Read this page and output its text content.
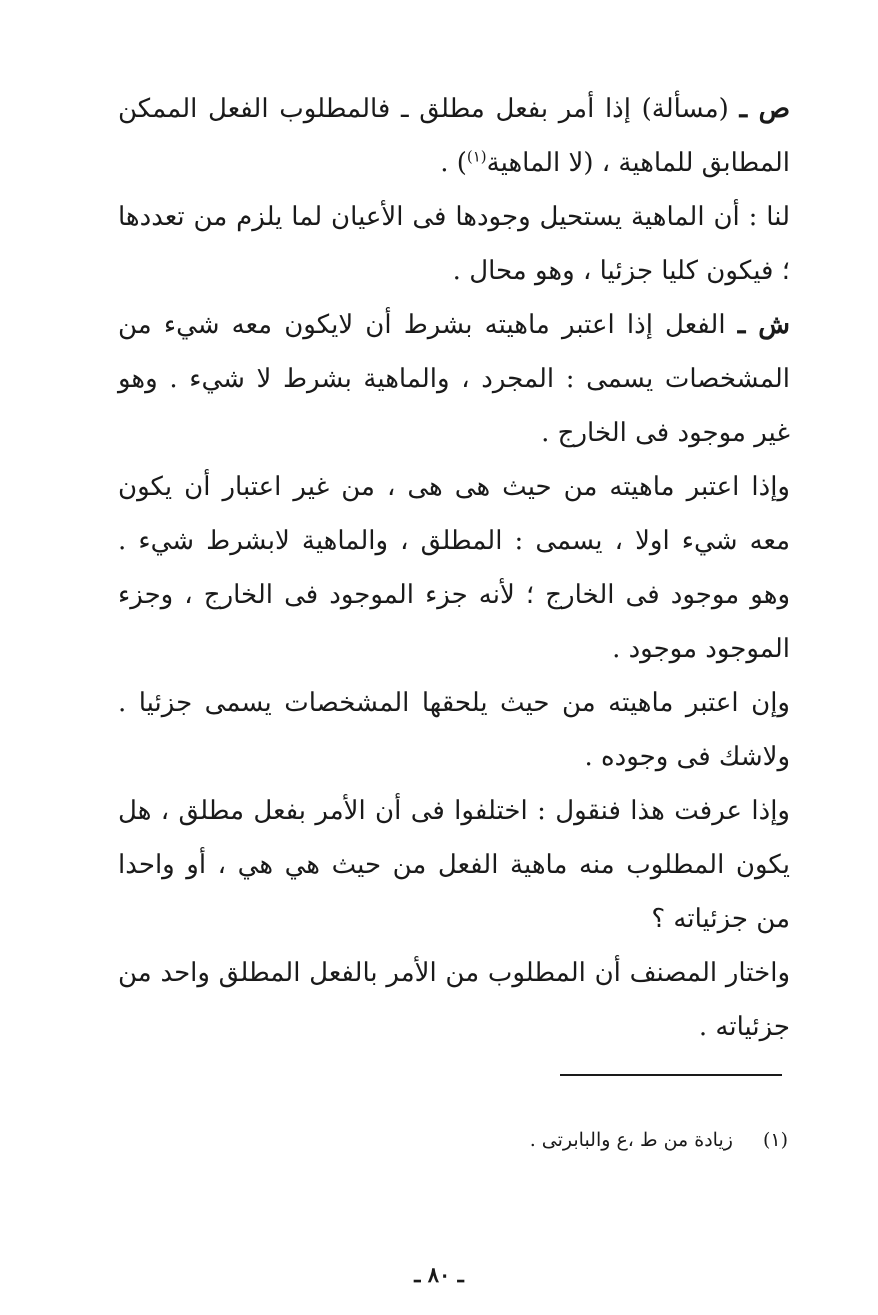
ص ـ (مسألة) إذا أمر بفعل مطلق ـ فالمطلوب الفعل الممكن المطابق للماهية ، (لا الماهية$^{(١)}$) .

لنا : أن الماهية يستحيل وجودها فى الأعيان لما يلزم من تعددها ؛ فيكون كليا جزئيا ، وهو محال .

ش ـ الفعل إذا اعتبر ماهيته بشرط أن لايكون معه شيء من المشخصات يسمى : المجرد ، والماهية بشرط لا شيء . وهو غير موجود فى الخارج .

وإذا اعتبر ماهيته من حيث هى هى ، من غير اعتبار أن يكون معه شيء اولا ، يسمى : المطلق ، والماهية لابشرط شيء . وهو موجود فى الخارج ؛ لأنه جزء الموجود فى الخارج ، وجزء الموجود موجود .

وإن اعتبر ماهيته من حيث يلحقها المشخصات يسمى جزئيا . ولاشك فى وجوده .

وإذا عرفت هذا فنقول : اختلفوا فى أن الأمر بفعل مطلق ، هل يكون المطلوب منه ماهية الفعل من حيث هي هي ، أو واحدا من جزئياته ؟

واختار المصنف أن المطلوب من الأمر بالفعل المطلق واحد من جزئياته .

(١)زيادة من ط ،ع والبابرتى .
ـ ٨٠ ـ
